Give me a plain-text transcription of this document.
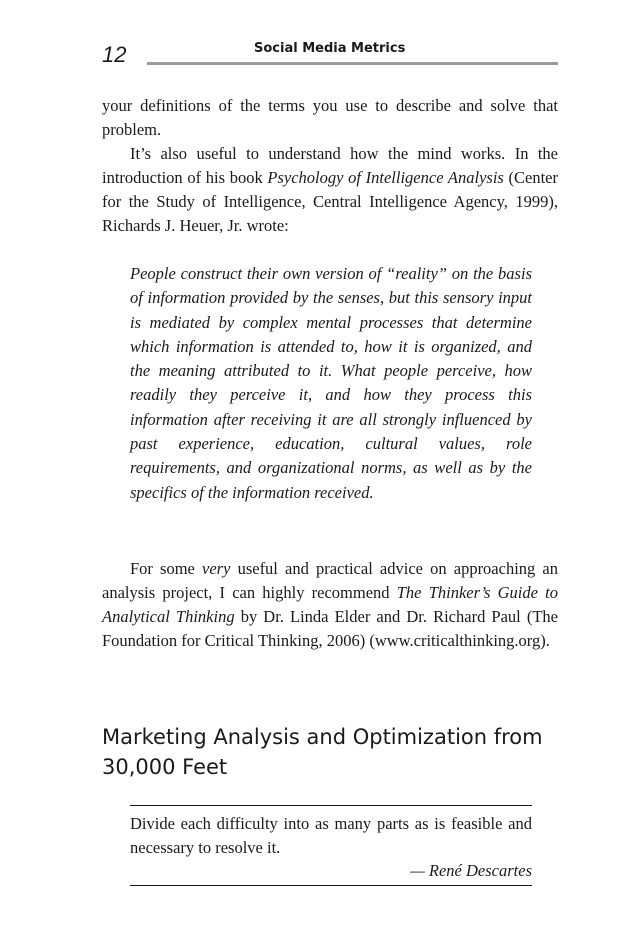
12	Social Media Metrics

your definitions of the terms you use to describe and solve that problem.

It’s also useful to understand how the mind works. In the introduction of his book Psychology of Intelligence Analysis (Center for the Study of Intelligence, Central Intelligence Agency, 1999), Richards J. Heuer, Jr. wrote:

People construct their own version of “reality” on the basis of information provided by the senses, but this sensory input is mediated by complex mental processes that determine which information is attended to, how it is organized, and the meaning attributed to it. What people perceive, how readily they perceive it, and how they process this information after receiving it are all strongly influenced by past experience, education, cultural values, role requirements, and organizational norms, as well as by the specifics of the information received.

For some very useful and practical advice on approaching an analysis project, I can highly recommend The Thinker’s Guide to Analytical Thinking by Dr. Linda Elder and Dr. Richard Paul (The Foundation for Critical Thinking, 2006) (www.criticalthinking.org).

Marketing Analysis and Optimization from 30,000 Feet

Divide each difficulty into as many parts as is feasible and necessary to resolve it.

— René Descartes
